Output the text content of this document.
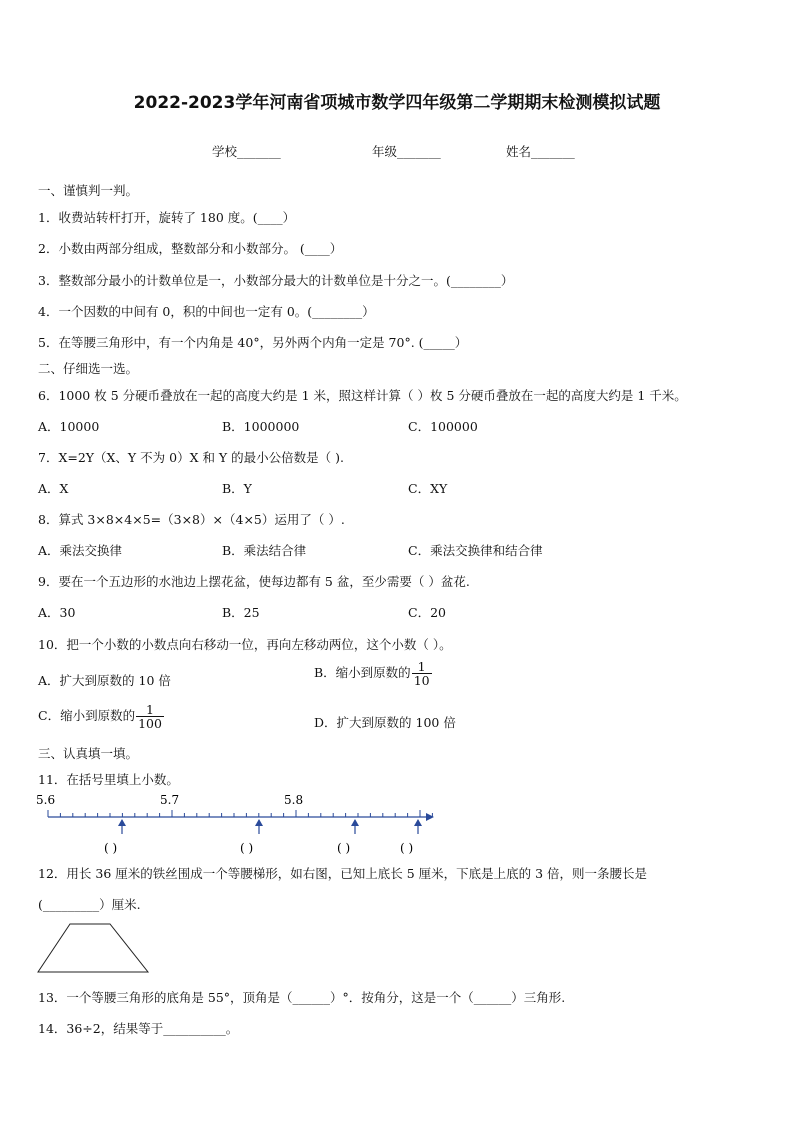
2022-2023学年河南省项城市数学四年级第二学期期末检测模拟试题
学校_______	年级_______	姓名_______
一、谨慎判一判。
1．收费站转杆打开，旋转了 180 度。(____）
2．小数由两部分组成，整数部分和小数部分。 (____）
3．整数部分最小的计数单位是一，小数部分最大的计数单位是十分之一。(________）
4．一个因数的中间有 0，积的中间也一定有 0。(________）
5．在等腰三角形中，有一个内角是 40°，另外两个内角一定是 70°. (_____）
二、仔细选一选。
6．1000 枚 5 分硬币叠放在一起的高度大约是 1 米，照这样计算（ ）枚 5 分硬币叠放在一起的高度大约是 1 千米。
A．10000	B．1000000	C．100000
7．X=2Y（X、Y 不为 0）X 和 Y 的最小公倍数是（ ).
A．X	B．Y	C．XY
8．算式 3×8×4×5=（3×8）×（4×5）运用了（ ）.
A．乘法交换律	B．乘法结合律	C．乘法交换律和结合律
9．要在一个五边形的水池边上摆花盆，使每边都有 5 盆，至少需要（ ）盆花.
A．30	B．25	C．20
10．把一个小数的小数点向右移动一位，再向左移动两位，这个小数（ ）。
A．扩大到原数的 10 倍
B．缩小到原数的 $\frac{1}{10}$
C．缩小到原数的 $\frac{1}{100}$	D．扩大到原数的 100 倍
三、认真填一填。
11．在括号里填上小数。
5.6	5.7	5.8
( )	( )	( )	( )
12．用长 36 厘米的铁丝围成一个等腰梯形，如右图，已知上底长 5 厘米，下底是上底的 3 倍，则一条腰长是
(_________）厘米.
13．一个等腰三角形的底角是 55°，顶角是（______）°．按角分，这是一个（______）三角形.
14．36÷2，结果等于__________。
